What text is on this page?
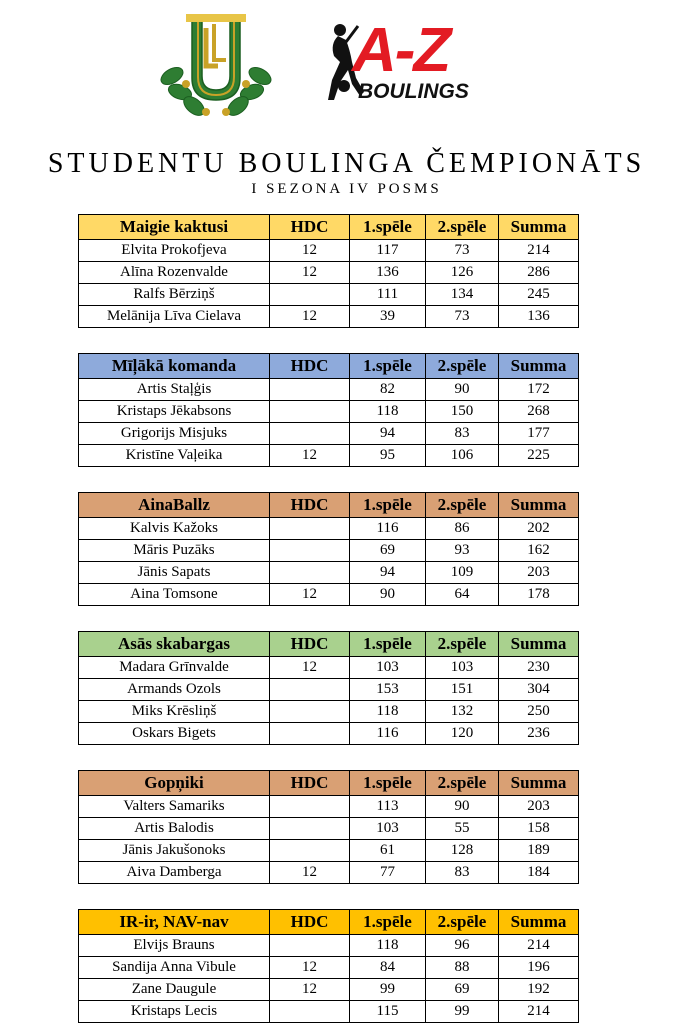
A-Z
BOULINGS
STUDENTU BOULINGA ČEMPIONĀTS
I SEZONA IV POSMS
Maigie kaktusi	HDC	1.spēle	2.spēle	Summa
Elvita Prokofjeva	12	117	73	214
Alīna Rozenvalde	12	136	126	286
Ralfs Bērziņš		111	134	245
Melānija Līva Cielava	12	39	73	136
Mīļākā komanda	HDC	1.spēle	2.spēle	Summa
Artis Staļģis		82	90	172
Kristaps Jēkabsons		118	150	268
Grigorijs Misjuks		94	83	177
Kristīne Vaļeika	12	95	106	225
AinaBallz	HDC	1.spēle	2.spēle	Summa
Kalvis Kažoks		116	86	202
Māris Puzāks		69	93	162
Jānis Sapats		94	109	203
Aina Tomsone	12	90	64	178
Asās skabargas	HDC	1.spēle	2.spēle	Summa
Madara Grīnvalde	12	103	103	230
Armands Ozols		153	151	304
Miks Krēsliņš		118	132	250
Oskars Bigets		116	120	236
Gopņiki	HDC	1.spēle	2.spēle	Summa
Valters Samariks		113	90	203
Artis Balodis		103	55	158
Jānis Jakušonoks		61	128	189
Aiva Damberga	12	77	83	184
IR-ir, NAV-nav	HDC	1.spēle	2.spēle	Summa
Elvijs Brauns		118	96	214
Sandija Anna Vibule	12	84	88	196
Zane Daugule	12	99	69	192
Kristaps Lecis		115	99	214
